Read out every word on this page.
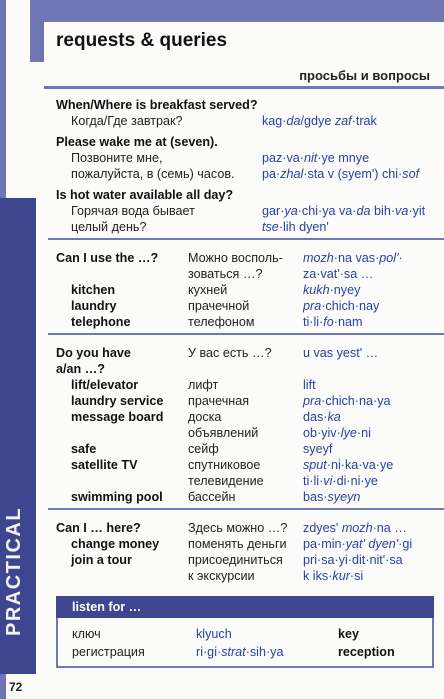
requests & queries
просьбы и вопросы
PRACTICAL
72
When/Where is breakfast served?
Когда/Где завтрак?	kag·da/gdye zaf·trak
Please wake me at (seven).
Позвоните мне,	paz·va·nit·ye mnye
пожалуйста, в (семь) часов. pa·zhal·sta v (syem') chi·sof
Is hot water available all day?
Горячая вода бывает	gar·ya·chi·ya va·da bih·va·yit
целый день?	tse·lih dyen'
Can I use the …? Можно восполь- mozh·na vas·pol'·
зоваться …?	za·vat'·sa …
kitchen	кухней	kukh·nyey
laundry	прачечной	pra·chich·nay
telephone	телефоном	ti·li·fo·nam
Do you have	У вас есть …? u vas yest' …
a/an …?
lift/elevator	лифт	lift
laundry service прачечная	pra·chich·na·ya
message board доска	das·ka
объявлений	ob·yiv·lye·ni
safe	сейф	syeyf
satellite TV	спутниковое	sput·ni·ka·va·ye
телевидение	ti·li·vi·di·ni·ye
swimming pool бассейн	bas·syeyn
Can I … here?	Здесь можно …? zdyes' mozh·na …
change money поменять деньги pa·min·yat' dyen'·gi
join a tour	присоединиться pri·sa·yi·dit·nit'·sa
к экскурсии	k iks·kur·si
listen for …
ключ	klyuch	key
регистрация	ri·gi·strat·sih·ya	reception
